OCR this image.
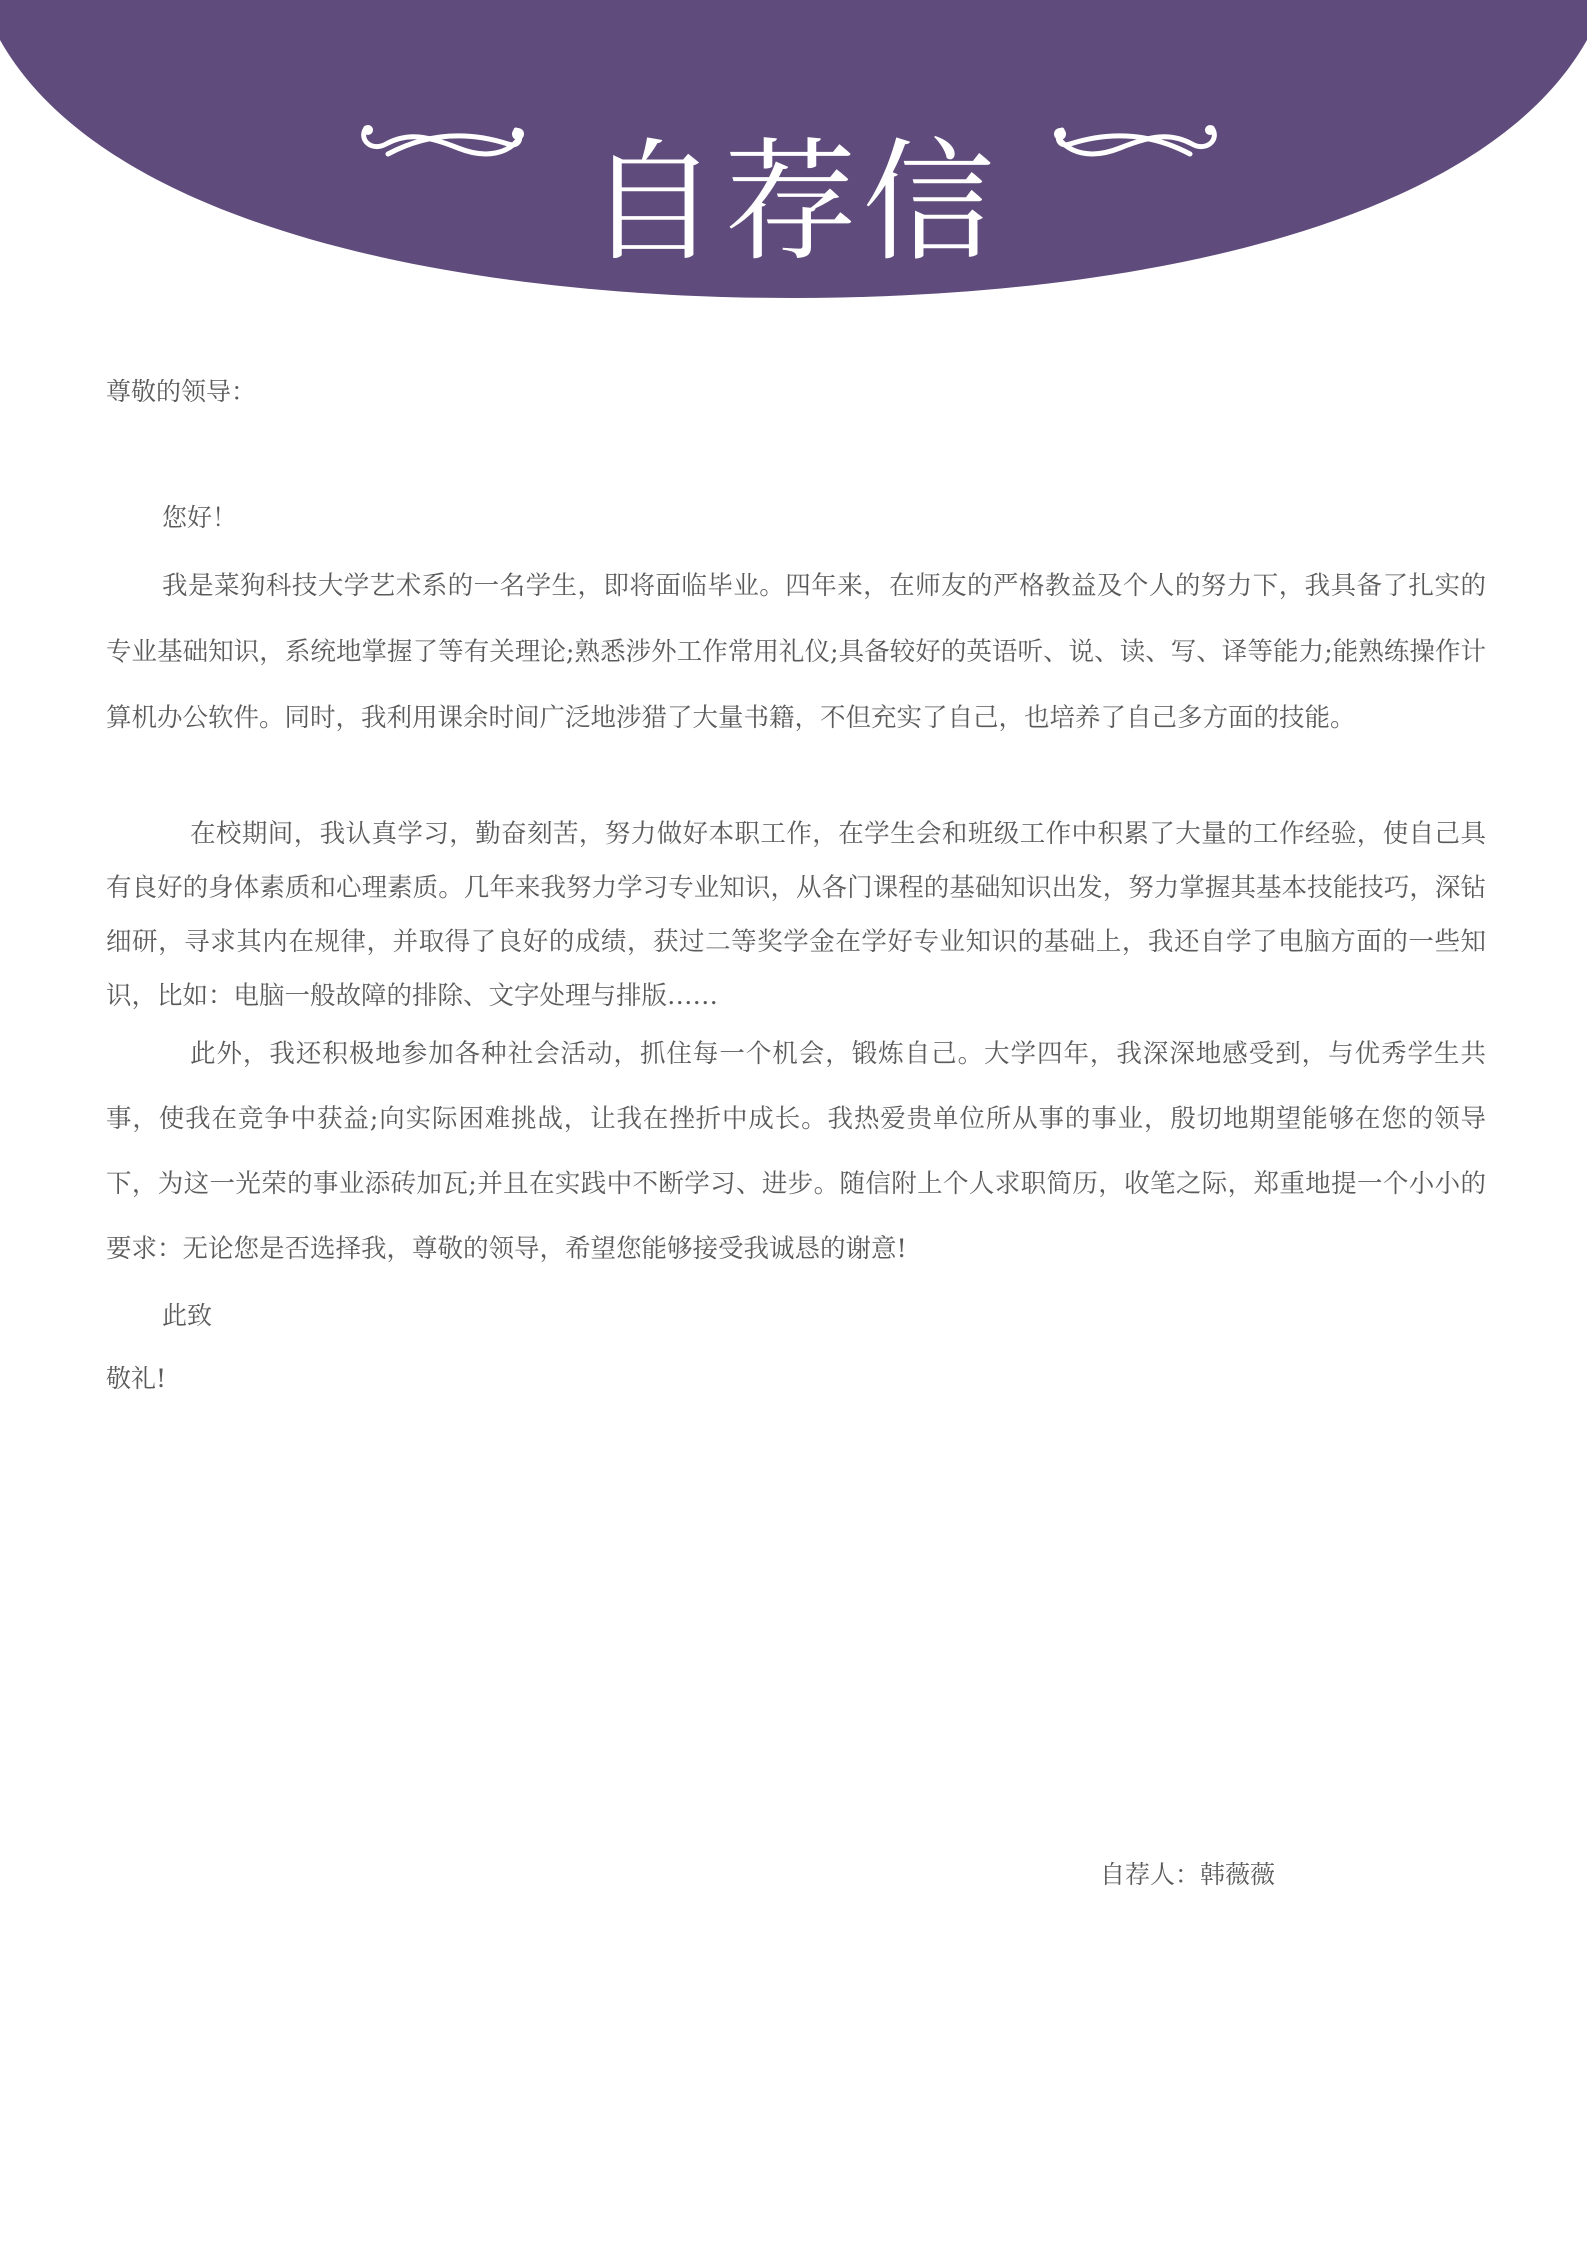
自荐信
尊敬的领导：
您好！

我是菜狗科技大学艺术系的一名学生，即将面临毕业。四年来，在师友的严格教益及个人的努力下，我具备了扎实的专业基础知识，系统地掌握了等有关理论;熟悉涉外工作常用礼仪;具备较好的英语听、说、读、写、译等能力;能熟练操作计算机办公软件。同时，我利用课余时间广泛地涉猎了大量书籍，不但充实了自己，也培养了自己多方面的技能。

在校期间，我认真学习，勤奋刻苦，努力做好本职工作，在学生会和班级工作中积累了大量的工作经验，使自己具有良好的身体素质和心理素质。几年来我努力学习专业知识，从各门课程的基础知识出发，努力掌握其基本技能技巧，深钻细研，寻求其内在规律，并取得了良好的成绩，获过二等奖学金在学好专业知识的基础上，我还自学了电脑方面的一些知识，比如：电脑一般故障的排除、文字处理与排版……

此外，我还积极地参加各种社会活动，抓住每一个机会，锻炼自己。大学四年，我深深地感受到，与优秀学生共事，使我在竞争中获益;向实际困难挑战，让我在挫折中成长。我热爱贵单位所从事的事业，殷切地期望能够在您的领导下，为这一光荣的事业添砖加瓦;并且在实践中不断学习、进步。随信附上个人求职简历，收笔之际，郑重地提一个小小的要求：无论您是否选择我，尊敬的领导，希望您能够接受我诚恳的谢意!

此致
敬礼!
自荐人：韩薇薇
